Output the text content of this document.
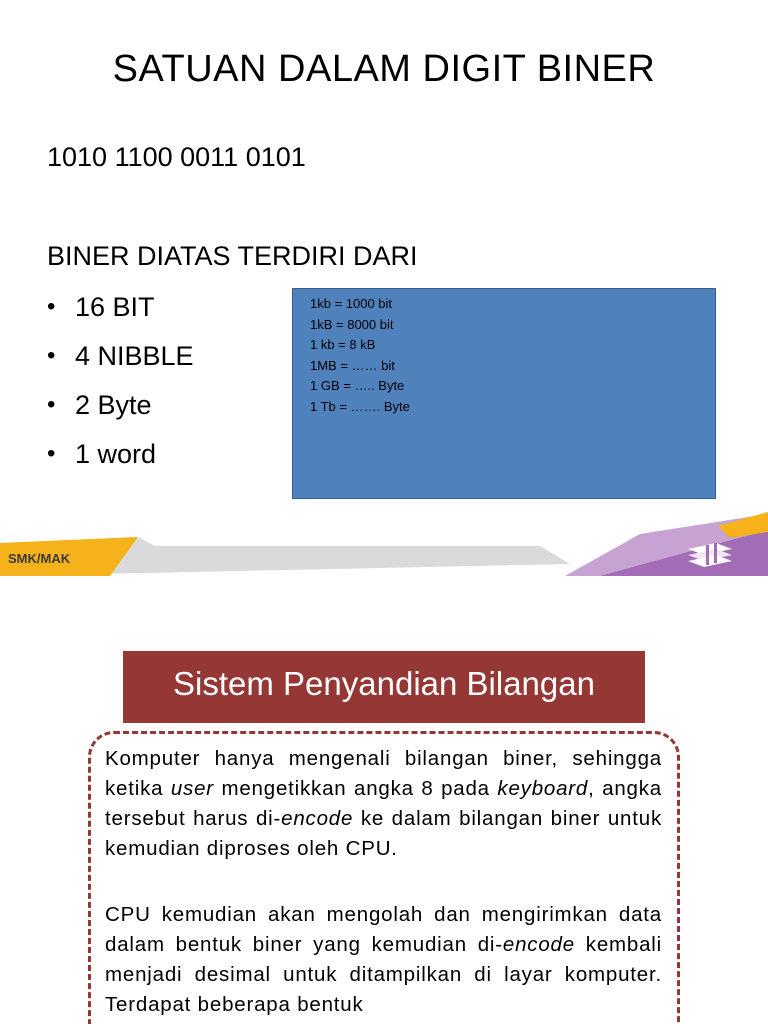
SATUAN DALAM DIGIT BINER
1010 1100 0011 0101
BINER DIATAS TERDIRI DARI
• 16 BIT
• 4 NIBBLE
• 2 Byte
• 1 word
1kb = 1000 bit
1kB = 8000 bit
1 kb = 8 kB
1MB = …… bit
1 GB = ….. Byte
1 Tb = ……. Byte
SMK/MAK
Sistem Penyandian Bilangan

Komputer hanya mengenali bilangan biner, sehingga ketika user mengetikkan angka 8 pada keyboard, angka tersebut harus di-encode ke dalam bilangan biner untuk kemudian diproses oleh CPU.

CPU kemudian akan mengolah dan mengirimkan data dalam bentuk biner yang kemudian di-encode kembali menjadi desimal untuk ditampilkan di layar komputer. Terdapat beberapa bentuk
